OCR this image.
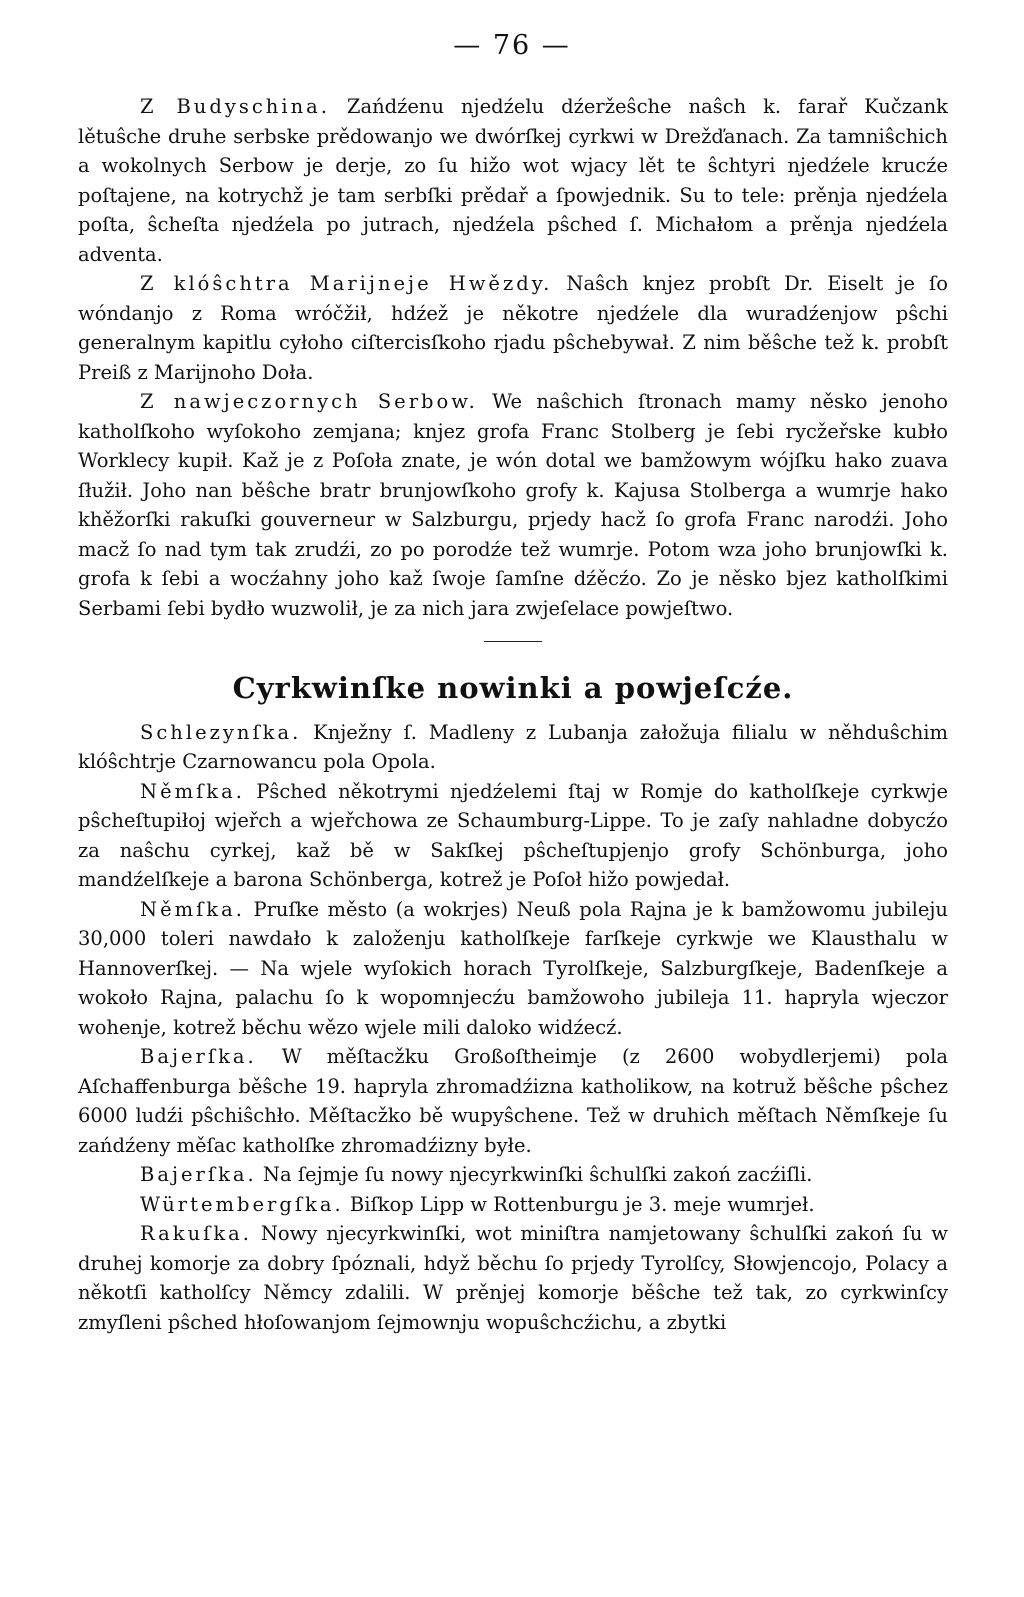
— 76 —

Z Budyschina. Zańdźenu njedźelu dźeržeŝche naŝch k. farař Kučzank lětuŝche druhe serbske prědowanjo we dwórſkej cyrkwi w Drežďanach. Za tamniŝchich a wokolnych Serbow je derje, zo ſu hižo wot wjacy lět te ŝchtyri njedźele krucźe poſtajene, na kotrychž je tam serbſki prědař a ſpowjednik. Su to tele: prěnja njedźela poſta, ŝcheſta njedźela po jutrach, njedźela pŝched ſ. Michałom a prěnja njedźela adventa.

Z klóŝchtra Marijneje Hwězdy. Naŝch knjez probſt Dr. Eiselt je ſo wóndanjo z Roma wróčžił, hdźež je někotre njedźele dla wuradźenjow pŝchi generalnym kapitlu cyłoho ciſtercisſkoho rjadu pŝchebywał. Z nim běŝche tež k. probſt Preiß z Marijnoho Doła.

Z nawjeczornych Serbow. We naŝchich ſtronach mamy něsko jenoho katholſkoho wyſokoho zemjana; knjez grofa Franc Stolberg je ſebi rycžeřske kubło Worklecy kupił. Kaž je z Poſoła znate, je wón dotal we bamžowym wójſku hako zuava ſłužił. Joho nan běŝche bratr brunjowſkoho grofy k. Kajusa Stolberga a wumrje hako khěžorſki rakuſki gouverneur w Salzburgu, prjedy hacž ſo grofa Franc narodźi. Joho macž ſo nad tym tak zrudźi, zo po porodźe tež wumrje. Potom wza joho brunjowſki k. grofa k ſebi a wocźahny joho kaž ſwoje ſamſne dźěcźo. Zo je něsko bjez katholſkimi Serbami ſebi bydło wuzwolił, je za nich jara zwjeſelace powjeſtwo.

Cyrkwinſke nowinki a powjeſcźe.

Schlezynſka. Knježny ſ. Madleny z Lubanja załožuja filialu w něhduŝchim klóŝchtrje Czarnowancu pola Opola.

Němſka. Pŝched někotrymi njedźelemi ſtaj w Romje do katholſkeje cyrkwje pŝcheſtupiłoj wjeřch a wjeřchowa ze Schaumburg-Lippe. To je zaſy nahladne dobycźo za naŝchu cyrkej, kaž bě w Sakſkej pŝcheſtupjenjo grofy Schönburga, joho mandźelſkeje a barona Schönberga, kotrež je Poſoł hižo powjedał.

Němſka. Pruſke město (a wokrjes) Neuß pola Rajna je k bamžowomu jubileju 30,000 toleri nawdało k založenju katholſkeje farſkeje cyrkwje we Klausthalu w Hannoverſkej. — Na wjele wyſokich horach Tyrolſkeje, Salzburgſkeje, Badenſkeje a wokoło Rajna, palachu ſo k wopomnjecźu bamžowoho jubileja 11. hapryla wjeczor wohenje, kotrež běchu wězo wjele mili daloko widźecź.

Bajerſka. W měſtacžku Großoſtheimje (z 2600 wobydlerjemi) pola Aſchaffenburga běŝche 19. hapryla zhromadźizna katholikow, na kotruž běŝche pŝchez 6000 ludźi pŝchiŝchło. Měſtacžko bě wupyŝchene. Tež w druhich měſtach Němſkeje ſu zańdźeny měſac katholſke zhromadźizny byłe.

Bajerſka. Na ſejmje ſu nowy njecyrkwinſki ŝchulſki zakoń zacźiſli.

Würtembergſka. Biſkop Lipp w Rottenburgu je 3. meje wumrjeł.

Rakuſka. Nowy njecyrkwinſki, wot miniſtra namjetowany ŝchulſki zakoń ſu w druhej komorje za dobry ſpóznali, hdyž běchu ſo prjedy Tyrolſcy, Słowjencojo, Polacy a někotſi katholſcy Němcy zdalili. W prěnjej komorje běŝche tež tak, zo cyrkwinſcy zmyſleni pŝched hłoſowanjom ſejmownju wopuŝchcźichu, a zbytki
